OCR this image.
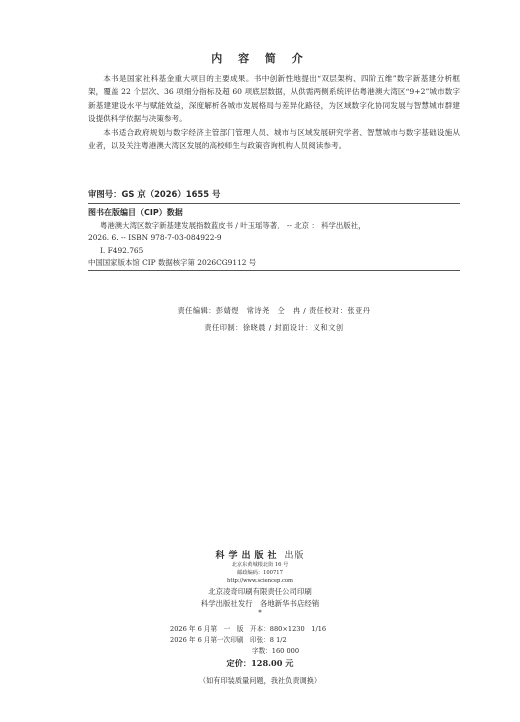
内 容 简 介

本书是国家社科基金重大项目的主要成果。书中创新性地提出“双层架构、四阶五维”数字新基建分析框架，覆盖 22 个层次、36 项细分指标及超 60 项底层数据，从供需两侧系统评估粤港澳大湾区“9+2”城市数字新基建建设水平与赋能效益，深度解析各城市发展格局与差异化路径，为区域数字化协同发展与智慧城市群建设提供科学依据与决策参考。

本书适合政府规划与数字经济主管部门管理人员、城市与区域发展研究学者、智慧城市与数字基础设施从业者，以及关注粤港澳大湾区发展的高校师生与政策咨询机构人员阅读参考。

审图号：GS 京（2026）1655 号
图书在版编目（CIP）数据
粤港澳大湾区数字新基建发展指数蓝皮书 / 叶玉瑶等著． -- 北京 ： 科学出版社，
2026. 6. -- ISBN 978-7-03-084922-9
Ⅰ. F492.765
中国国家版本馆 CIP 数据核字第 2026CG9112 号
责任编辑：彭婧煜　常诗尧　仝　冉 / 责任校对：张亚丹
责任印制：徐晓晨 / 封面设计：义和文创
科学出版社 出版
北京东黄城根北街 16 号
邮政编码：100717
http://www.sciencep.com
北京凌奇印刷有限责任公司印刷
科学出版社发行　各地新华书店经销
*
2026 年 6 月第　一　版　开本：880×1230　1/16
2026 年 6 月第一次印刷　印张：8 1/2
字数：160 000
定价：128.00 元
（如有印装质量问题，我社负责调换）
